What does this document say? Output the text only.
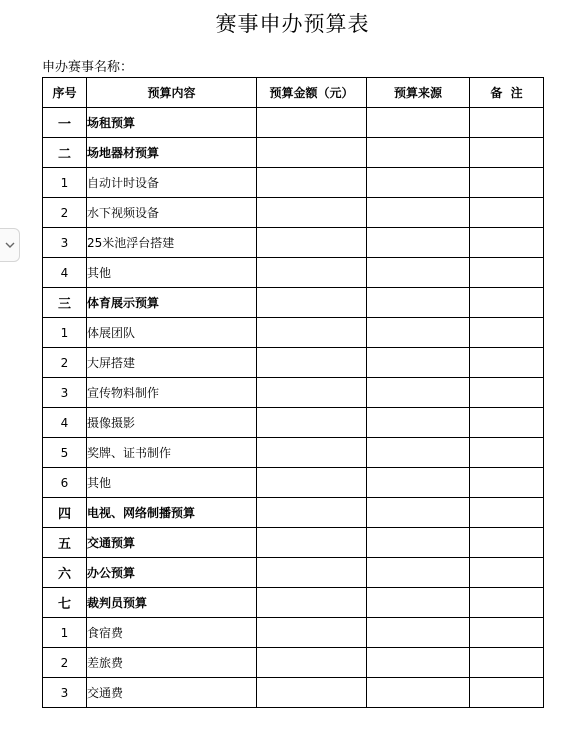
赛事申办预算表
申办赛事名称：
序号	预算内容	预算金额（元）	预算来源	备  注
一	场租预算			
二	场地器材预算			
1	自动计时设备			
2	水下视频设备			
3	25米池浮台搭建			
4	其他			
三	体育展示预算			
1	体展团队			
2	大屏搭建			
3	宣传物料制作			
4	摄像摄影			
5	奖牌、证书制作			
6	其他			
四	电视、网络制播预算			
五	交通预算			
六	办公预算			
七	裁判员预算			
1	食宿费			
2	差旅费			
3	交通费			
